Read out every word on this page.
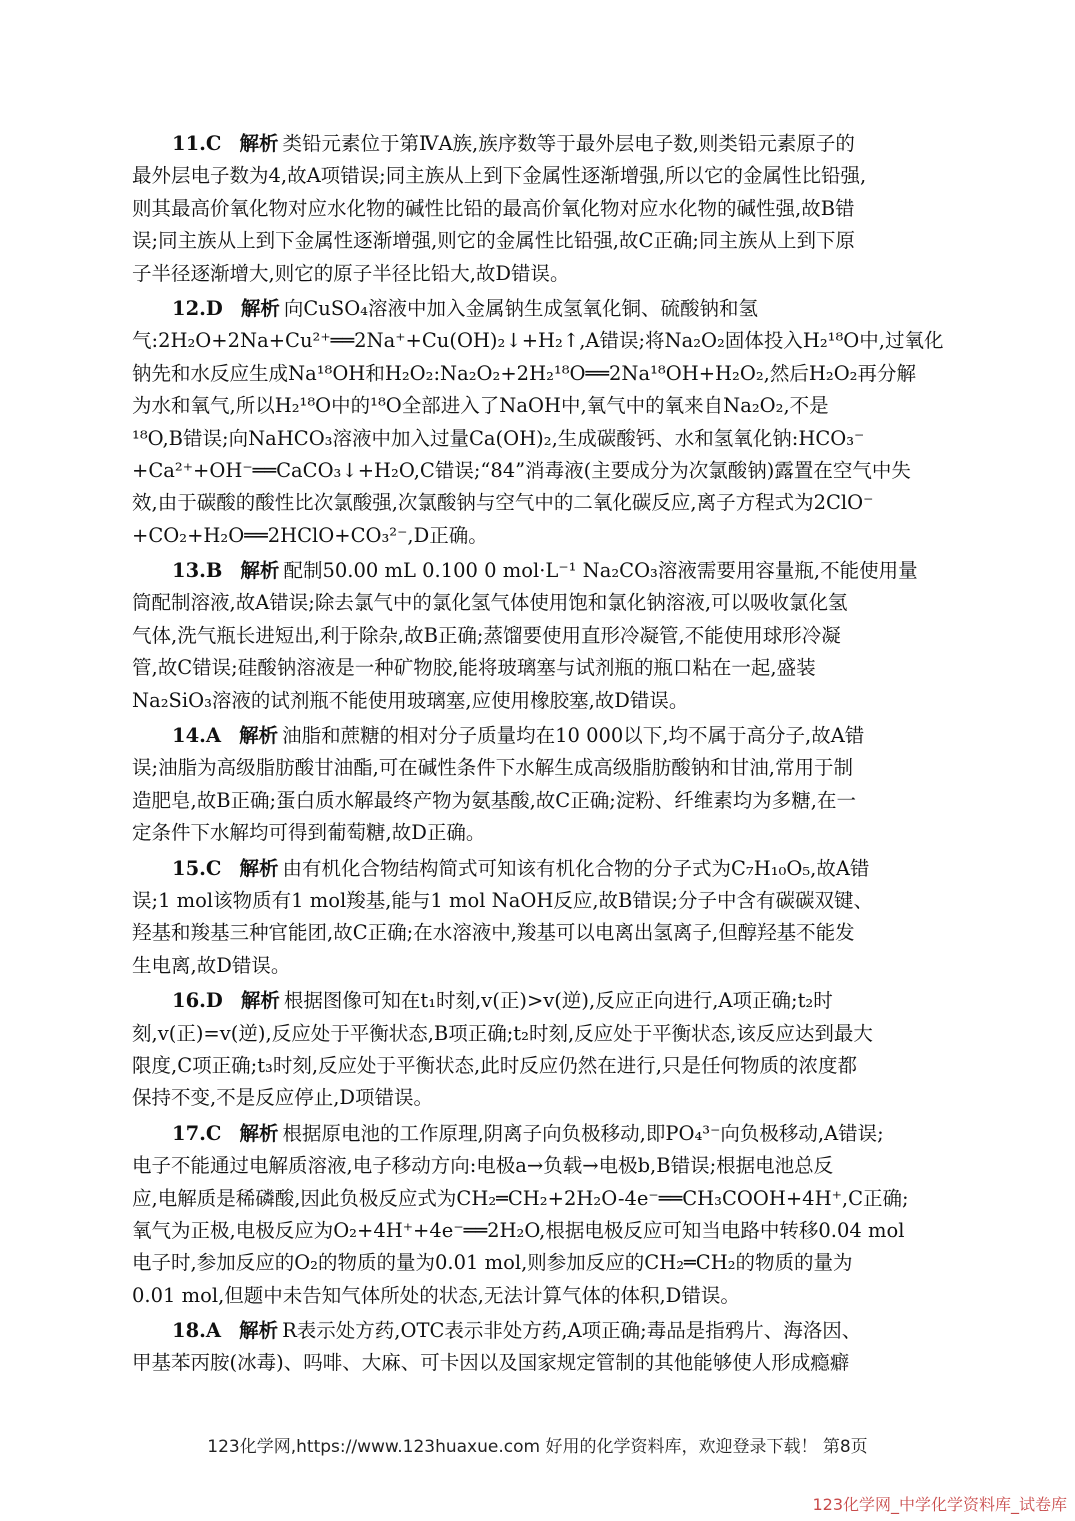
11.C 解析 类铅元素位于第ⅣA族,族序数等于最外层电子数,则类铅元素原子的
最外层电子数为4,故A项错误;同主族从上到下金属性逐渐增强,所以它的金属性比铅强,
则其最高价氧化物对应水化物的碱性比铅的最高价氧化物对应水化物的碱性强,故B错
误;同主族从上到下金属性逐渐增强,则它的金属性比铅强,故C正确;同主族从上到下原
子半径逐渐增大,则它的原子半径比铅大,故D错误。
12.D 解析 向CuSO₄溶液中加入金属钠生成氢氧化铜、硫酸钠和氢
气:2H₂O+2Na+Cu²⁺══2Na⁺+Cu(OH)₂↓+H₂↑,A错误;将Na₂O₂固体投入H₂¹⁸O中,过氧化
钠先和水反应生成Na¹⁸OH和H₂O₂:Na₂O₂+2H₂¹⁸O══2Na¹⁸OH+H₂O₂,然后H₂O₂再分解
为水和氧气,所以H₂¹⁸O中的¹⁸O全部进入了NaOH中,氧气中的氧来自Na₂O₂,不是
¹⁸O,B错误;向NaHCO₃溶液中加入过量Ca(OH)₂,生成碳酸钙、水和氢氧化钠:HCO₃⁻
+Ca²⁺+OH⁻══CaCO₃↓+H₂O,C错误;“84”消毒液(主要成分为次氯酸钠)露置在空气中失
效,由于碳酸的酸性比次氯酸强,次氯酸钠与空气中的二氧化碳反应,离子方程式为2ClO⁻
+CO₂+H₂O══2HClO+CO₃²⁻,D正确。
13.B 解析 配制50.00 mL 0.100 0 mol·L⁻¹ Na₂CO₃溶液需要用容量瓶,不能使用量
筒配制溶液,故A错误;除去氯气中的氯化氢气体使用饱和氯化钠溶液,可以吸收氯化氢
气体,洗气瓶长进短出,利于除杂,故B正确;蒸馏要使用直形冷凝管,不能使用球形冷凝
管,故C错误;硅酸钠溶液是一种矿物胶,能将玻璃塞与试剂瓶的瓶口粘在一起,盛装
Na₂SiO₃溶液的试剂瓶不能使用玻璃塞,应使用橡胶塞,故D错误。
14.A 解析 油脂和蔗糖的相对分子质量均在10 000以下,均不属于高分子,故A错
误;油脂为高级脂肪酸甘油酯,可在碱性条件下水解生成高级脂肪酸钠和甘油,常用于制
造肥皂,故B正确;蛋白质水解最终产物为氨基酸,故C正确;淀粉、纤维素均为多糖,在一
定条件下水解均可得到葡萄糖,故D正确。
15.C 解析 由有机化合物结构简式可知该有机化合物的分子式为C₇H₁₀O₅,故A错
误;1 mol该物质有1 mol羧基,能与1 mol NaOH反应,故B错误;分子中含有碳碳双键、
羟基和羧基三种官能团,故C正确;在水溶液中,羧基可以电离出氢离子,但醇羟基不能发
生电离,故D错误。
16.D 解析 根据图像可知在t₁时刻,v(正)>v(逆),反应正向进行,A项正确;t₂时
刻,v(正)=v(逆),反应处于平衡状态,B项正确;t₂时刻,反应处于平衡状态,该反应达到最大
限度,C项正确;t₃时刻,反应处于平衡状态,此时反应仍然在进行,只是任何物质的浓度都
保持不变,不是反应停止,D项错误。
17.C 解析 根据原电池的工作原理,阴离子向负极移动,即PO₄³⁻向负极移动,A错误;
电子不能通过电解质溶液,电子移动方向:电极a→负载→电极b,B错误;根据电池总反
应,电解质是稀磷酸,因此负极反应式为CH₂═CH₂+2H₂O-4e⁻══CH₃COOH+4H⁺,C正确;
氧气为正极,电极反应为O₂+4H⁺+4e⁻══2H₂O,根据电极反应可知当电路中转移0.04 mol
电子时,参加反应的O₂的物质的量为0.01 mol,则参加反应的CH₂═CH₂的物质的量为
0.01 mol,但题中未告知气体所处的状态,无法计算气体的体积,D错误。
18.A 解析 R表示处方药,OTC表示非处方药,A项正确;毒品是指鸦片、海洛因、
甲基苯丙胺(冰毒)、吗啡、大麻、可卡因以及国家规定管制的其他能够使人形成瘾癖
123化学网,https://www.123huaxue.com 好用的化学资料库，欢迎登录下载！ 第8页
123化学网_中学化学资料库_试卷库
